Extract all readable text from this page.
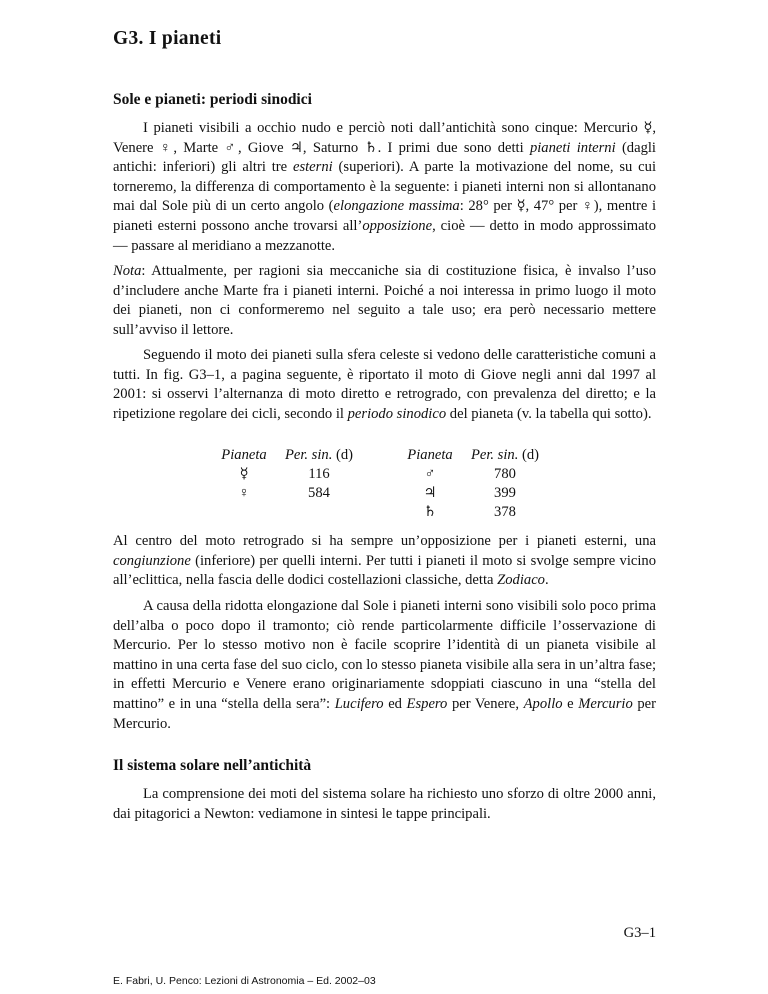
G3. I pianeti
Sole e pianeti: periodi sinodici

I pianeti visibili a occhio nudo e perciò noti dall’antichità sono cinque: Mercurio ☿, Venere ♀, Marte ♂, Giove ♃, Saturno ♄. I primi due sono detti pianeti interni (dagli antichi: inferiori) gli altri tre esterni (superiori). A parte la motivazione del nome, su cui torneremo, la differenza di comportamento è la seguente: i pianeti interni non si allontanano mai dal Sole più di un certo angolo (elongazione massima: 28° per ☿, 47° per ♀), mentre i pianeti esterni possono anche trovarsi all’opposizione, cioè — detto in modo approssimato — passare al meridiano a mezzanotte.

Nota: Attualmente, per ragioni sia meccaniche sia di costituzione fisica, è invalso l’uso d’includere anche Marte fra i pianeti interni. Poiché a noi interessa in primo luogo il moto dei pianeti, non ci conformeremo nel seguito a tale uso; era però necessario mettere sull’avviso il lettore.

Seguendo il moto dei pianeti sulla sfera celeste si vedono delle caratteristiche comuni a tutti. In fig. G3–1, a pagina seguente, è riportato il moto di Giove negli anni dal 1997 al 2001: si osservi l’alternanza di moto diretto e retrogrado, con prevalenza del diretto; e la ripetizione regolare dei cicli, secondo il periodo sinodico del pianeta (v. la tabella qui sotto).

Pianeta	Per. sin. (d)		Pianeta	Per. sin. (d)
☿	116		♂	780
♀	584		♃	399
			♄	378

Al centro del moto retrogrado si ha sempre un’opposizione per i pianeti esterni, una congiunzione (inferiore) per quelli interni. Per tutti i pianeti il moto si svolge sempre vicino all’eclittica, nella fascia delle dodici costellazioni classiche, detta Zodiaco.

A causa della ridotta elongazione dal Sole i pianeti interni sono visibili solo poco prima dell’alba o poco dopo il tramonto; ciò rende particolarmente difficile l’osservazione di Mercurio. Per lo stesso motivo non è facile scoprire l’identità di un pianeta visibile al mattino in una certa fase del suo ciclo, con lo stesso pianeta visibile alla sera in un’altra fase; in effetti Mercurio e Venere erano originariamente sdoppiati ciascuno in una “stella del mattino” e in una “stella della sera”: Lucifero ed Espero per Venere, Apollo e Mercurio per Mercurio.

Il sistema solare nell’antichità

La comprensione dei moti del sistema solare ha richiesto uno sforzo di oltre 2000 anni, dai pitagorici a Newton: vediamone in sintesi le tappe principali.

G3–1

E. Fabri, U. Penco: Lezioni di Astronomia – Ed. 2002–03
